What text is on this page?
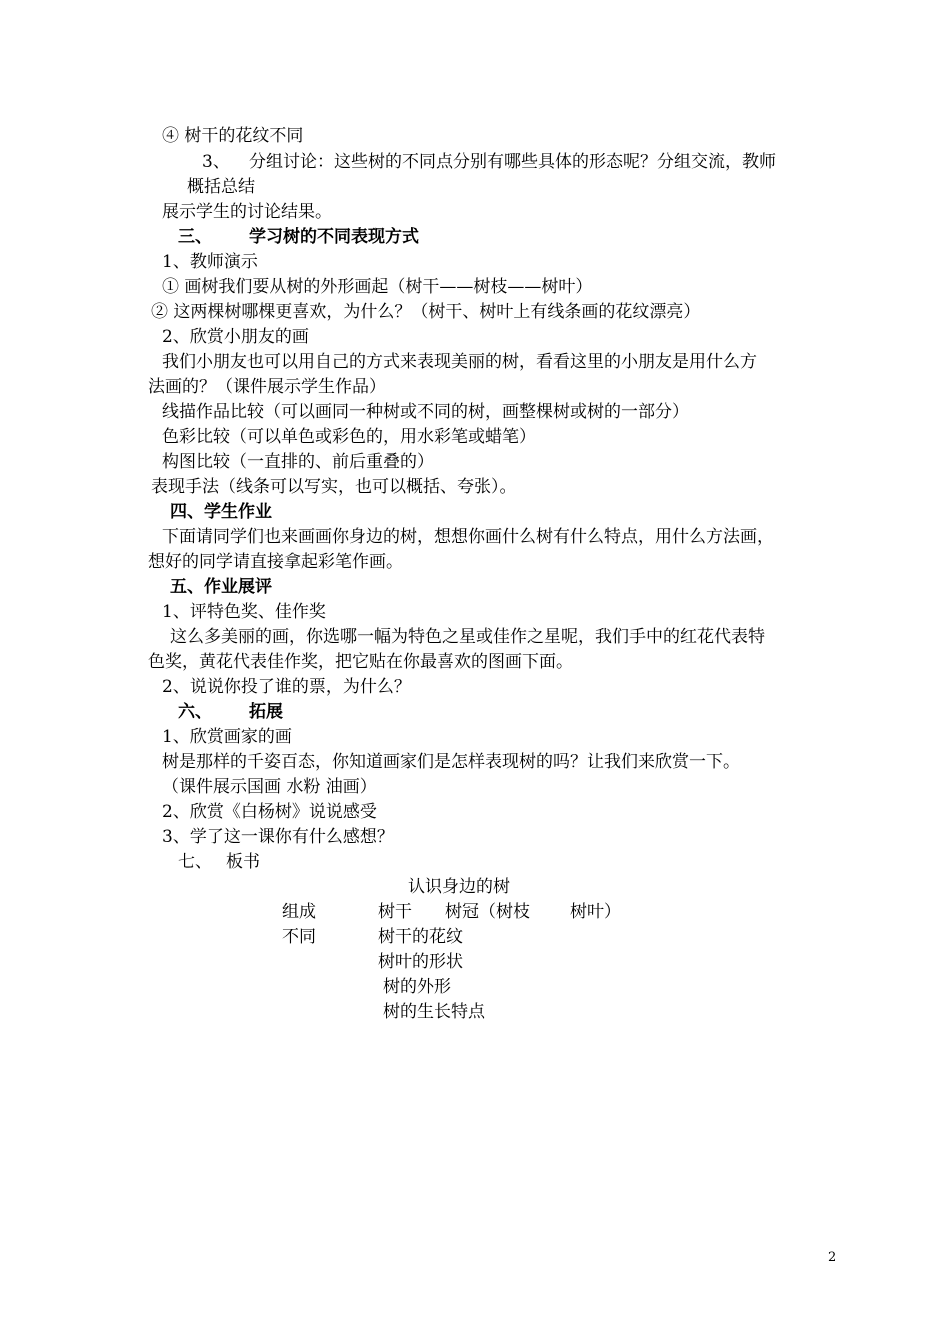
④ 树干的花纹不同
3、 分组讨论：这些树的不同点分别有哪些具体的形态呢？分组交流，教师
概括总结
展示学生的讨论结果。
三、 学习树的不同表现方式
1、教师演示
① 画树我们要从树的外形画起（树干——树枝——树叶）
② 这两棵树哪棵更喜欢，为什么？（树干、树叶上有线条画的花纹漂亮）
2、欣赏小朋友的画
我们小朋友也可以用自己的方式来表现美丽的树，看看这里的小朋友是用什么方
法画的？（课件展示学生作品）
线描作品比较（可以画同一种树或不同的树，画整棵树或树的一部分）
色彩比较（可以单色或彩色的，用水彩笔或蜡笔）
构图比较（一直排的、前后重叠的）
表现手法（线条可以写实，也可以概括、夸张）。
四、学生作业
下面请同学们也来画画你身边的树，想想你画什么树有什么特点，用什么方法画，
想好的同学请直接拿起彩笔作画。
五、作业展评
1、评特色奖、佳作奖
这么多美丽的画，你选哪一幅为特色之星或佳作之星呢，我们手中的红花代表特
色奖，黄花代表佳作奖，把它贴在你最喜欢的图画下面。
2、说说你投了谁的票，为什么？
六、 拓展
1、欣赏画家的画
树是那样的千姿百态，你知道画家们是怎样表现树的吗？让我们来欣赏一下。
（课件展示国画 水粉 油画）
2、欣赏《白杨树》说说感受
3、学了这一课你有什么感想？
七、 板书
认识身边的树
组成	树干 树冠（树枝 树叶）
不同	树干的花纹
树叶的形状
树的外形
树的生长特点
2
